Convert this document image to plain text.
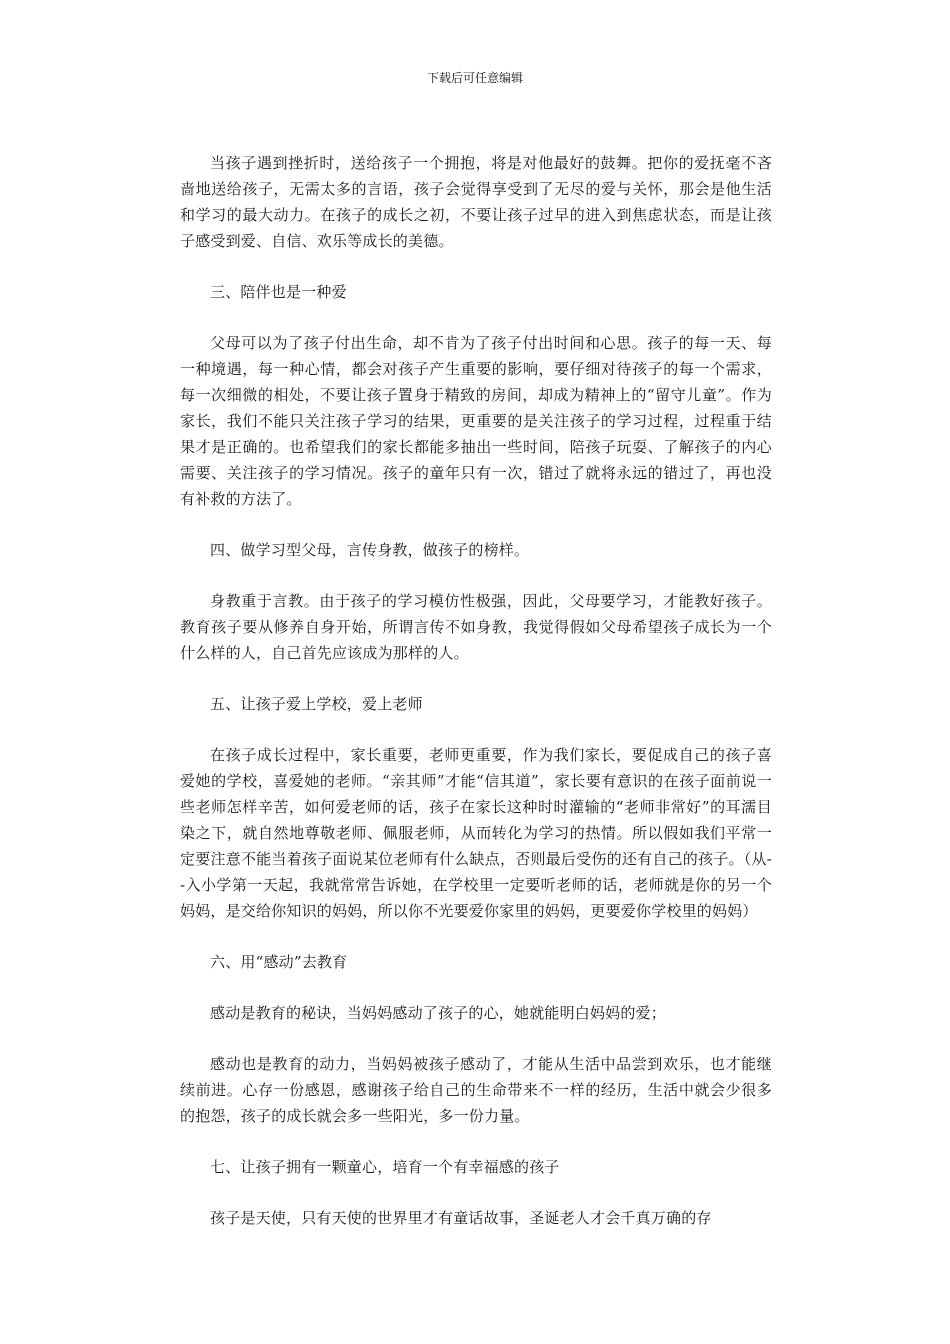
下载后可任意编辑

当孩子遇到挫折时，送给孩子一个拥抱，将是对他最好的鼓舞。把你的爱抚毫不吝啬地送给孩子，无需太多的言语，孩子会觉得享受到了无尽的爱与关怀，那会是他生活和学习的最大动力。在孩子的成长之初，不要让孩子过早的进入到焦虑状态，而是让孩子感受到爱、自信、欢乐等成长的美德。

三、陪伴也是一种爱

父母可以为了孩子付出生命，却不肯为了孩子付出时间和心思。孩子的每一天、每一种境遇，每一种心情，都会对孩子产生重要的影响，要仔细对待孩子的每一个需求，每一次细微的相处，不要让孩子置身于精致的房间，却成为精神上的“留守儿童”。作为家长，我们不能只关注孩子学习的结果，更重要的是关注孩子的学习过程，过程重于结果才是正确的。也希望我们的家长都能多抽出一些时间，陪孩子玩耍、了解孩子的内心需要、关注孩子的学习情况。孩子的童年只有一次，错过了就将永远的错过了，再也没有补救的方法了。

四、做学习型父母，言传身教，做孩子的榜样。

身教重于言教。由于孩子的学习模仿性极强，因此，父母要学习，才能教好孩子。教育孩子要从修养自身开始，所谓言传不如身教，我觉得假如父母希望孩子成长为一个什么样的人，自己首先应该成为那样的人。

五、让孩子爱上学校，爱上老师

在孩子成长过程中，家长重要，老师更重要，作为我们家长，要促成自己的孩子喜爱她的学校，喜爱她的老师。“亲其师”才能“信其道”，家长要有意识的在孩子面前说一些老师怎样辛苦，如何爱老师的话，孩子在家长这种时时灌输的“老师非常好”的耳濡目染之下，就自然地尊敬老师、佩服老师，从而转化为学习的热情。所以假如我们平常一定要注意不能当着孩子面说某位老师有什么缺点，否则最后受伤的还有自己的孩子。（从--入小学第一天起，我就常常告诉她，在学校里一定要听老师的话，老师就是你的另一个妈妈，是交给你知识的妈妈，所以你不光要爱你家里的妈妈，更要爱你学校里的妈妈）

六、用“感动”去教育

感动是教育的秘诀，当妈妈感动了孩子的心，她就能明白妈妈的爱；

感动也是教育的动力，当妈妈被孩子感动了，才能从生活中品尝到欢乐，也才能继续前进。心存一份感恩，感谢孩子给自己的生命带来不一样的经历，生活中就会少很多的抱怨，孩子的成长就会多一些阳光，多一份力量。

七、让孩子拥有一颗童心，培育一个有幸福感的孩子

孩子是天使，只有天使的世界里才有童话故事，圣诞老人才会千真万确的存
